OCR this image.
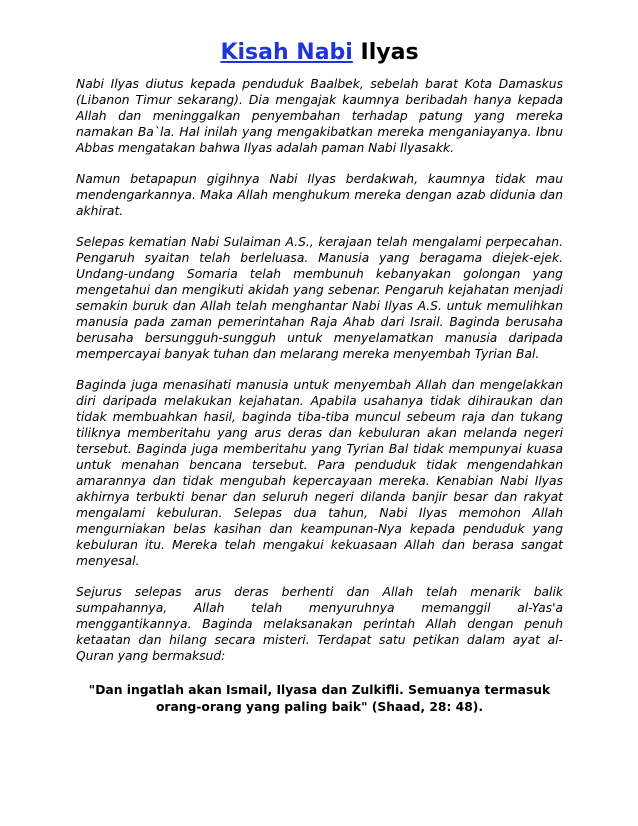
Kisah Nabi Ilyas

Nabi Ilyas diutus kepada penduduk Baalbek, sebelah barat Kota Damaskus (Libanon Timur sekarang). Dia mengajak kaumnya beribadah hanya kepada Allah dan meninggalkan penyembahan terhadap patung yang mereka namakan Ba`la. Hal inilah yang mengakibatkan mereka menganiayanya. Ibnu Abbas mengatakan bahwa Ilyas adalah paman Nabi Ilyasakk.

Namun betapapun gigihnya Nabi Ilyas berdakwah, kaumnya tidak mau mendengarkannya. Maka Allah menghukum mereka dengan azab didunia dan akhirat.

Selepas kematian Nabi Sulaiman A.S., kerajaan telah mengalami perpecahan. Pengaruh syaitan telah berleluasa. Manusia yang beragama diejek-ejek. Undang-undang Somaria telah membunuh kebanyakan golongan yang mengetahui dan mengikuti akidah yang sebenar. Pengaruh kejahatan menjadi semakin buruk dan Allah telah menghantar Nabi Ilyas A.S. untuk memulihkan manusia pada zaman pemerintahan Raja Ahab dari Israil. Baginda berusaha berusaha bersungguh-sungguh untuk menyelamatkan manusia daripada mempercayai banyak tuhan dan melarang mereka menyembah Tyrian Bal.

Baginda juga menasihati manusia untuk menyembah Allah dan mengelakkan diri daripada melakukan kejahatan. Apabila usahanya tidak dihiraukan dan tidak membuahkan hasil, baginda tiba-tiba muncul sebeum raja dan tukang tiliknya memberitahu yang arus deras dan kebuluran akan melanda negeri tersebut. Baginda juga memberitahu yang Tyrian Bal tidak mempunyai kuasa untuk menahan bencana tersebut. Para penduduk tidak mengendahkan amarannya dan tidak mengubah kepercayaan mereka. Kenabian Nabi Ilyas akhirnya terbukti benar dan seluruh negeri dilanda banjir besar dan rakyat mengalami kebuluran. Selepas dua tahun, Nabi Ilyas memohon Allah mengurniakan belas kasihan dan keampunan-Nya kepada penduduk yang kebuluran itu. Mereka telah mengakui kekuasaan Allah dan berasa sangat menyesal.

Sejurus selepas arus deras berhenti dan Allah telah menarik balik sumpahannya, Allah telah menyuruhnya memanggil al-Yas'a menggantikannya. Baginda melaksanakan perintah Allah dengan penuh ketaatan dan hilang secara misteri. Terdapat satu petikan dalam ayat al-Quran yang bermaksud:

"Dan ingatlah akan Ismail, Ilyasa dan Zulkifli. Semuanya termasuk orang-orang yang paling baik" (Shaad, 28: 48).
